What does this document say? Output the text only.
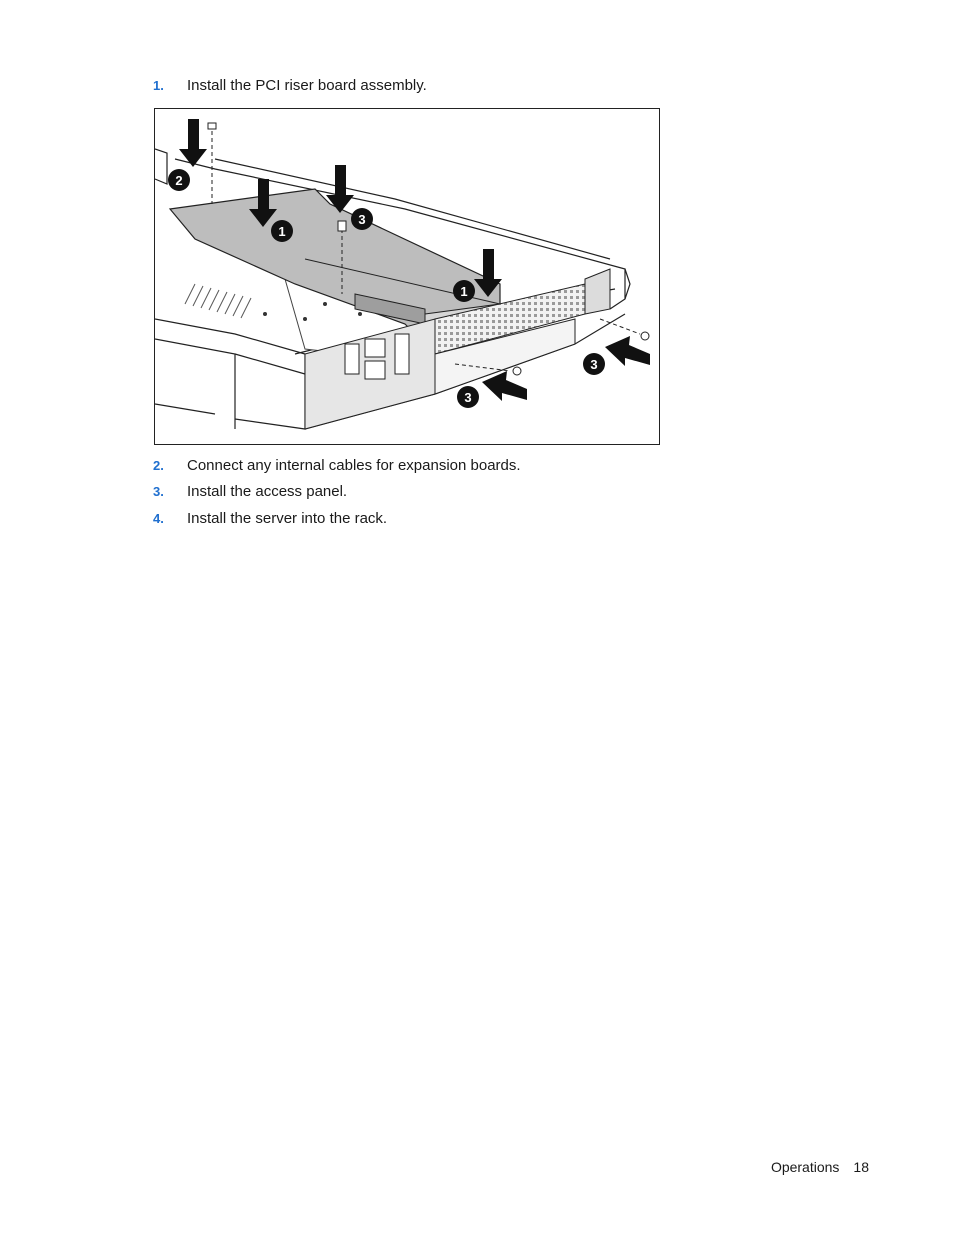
1. Install the PCI riser board assembly.
2
1
3
1
3
3
2. Connect any internal cables for expansion boards.
3. Install the access panel.
4. Install the server into the rack.
Operations 18
